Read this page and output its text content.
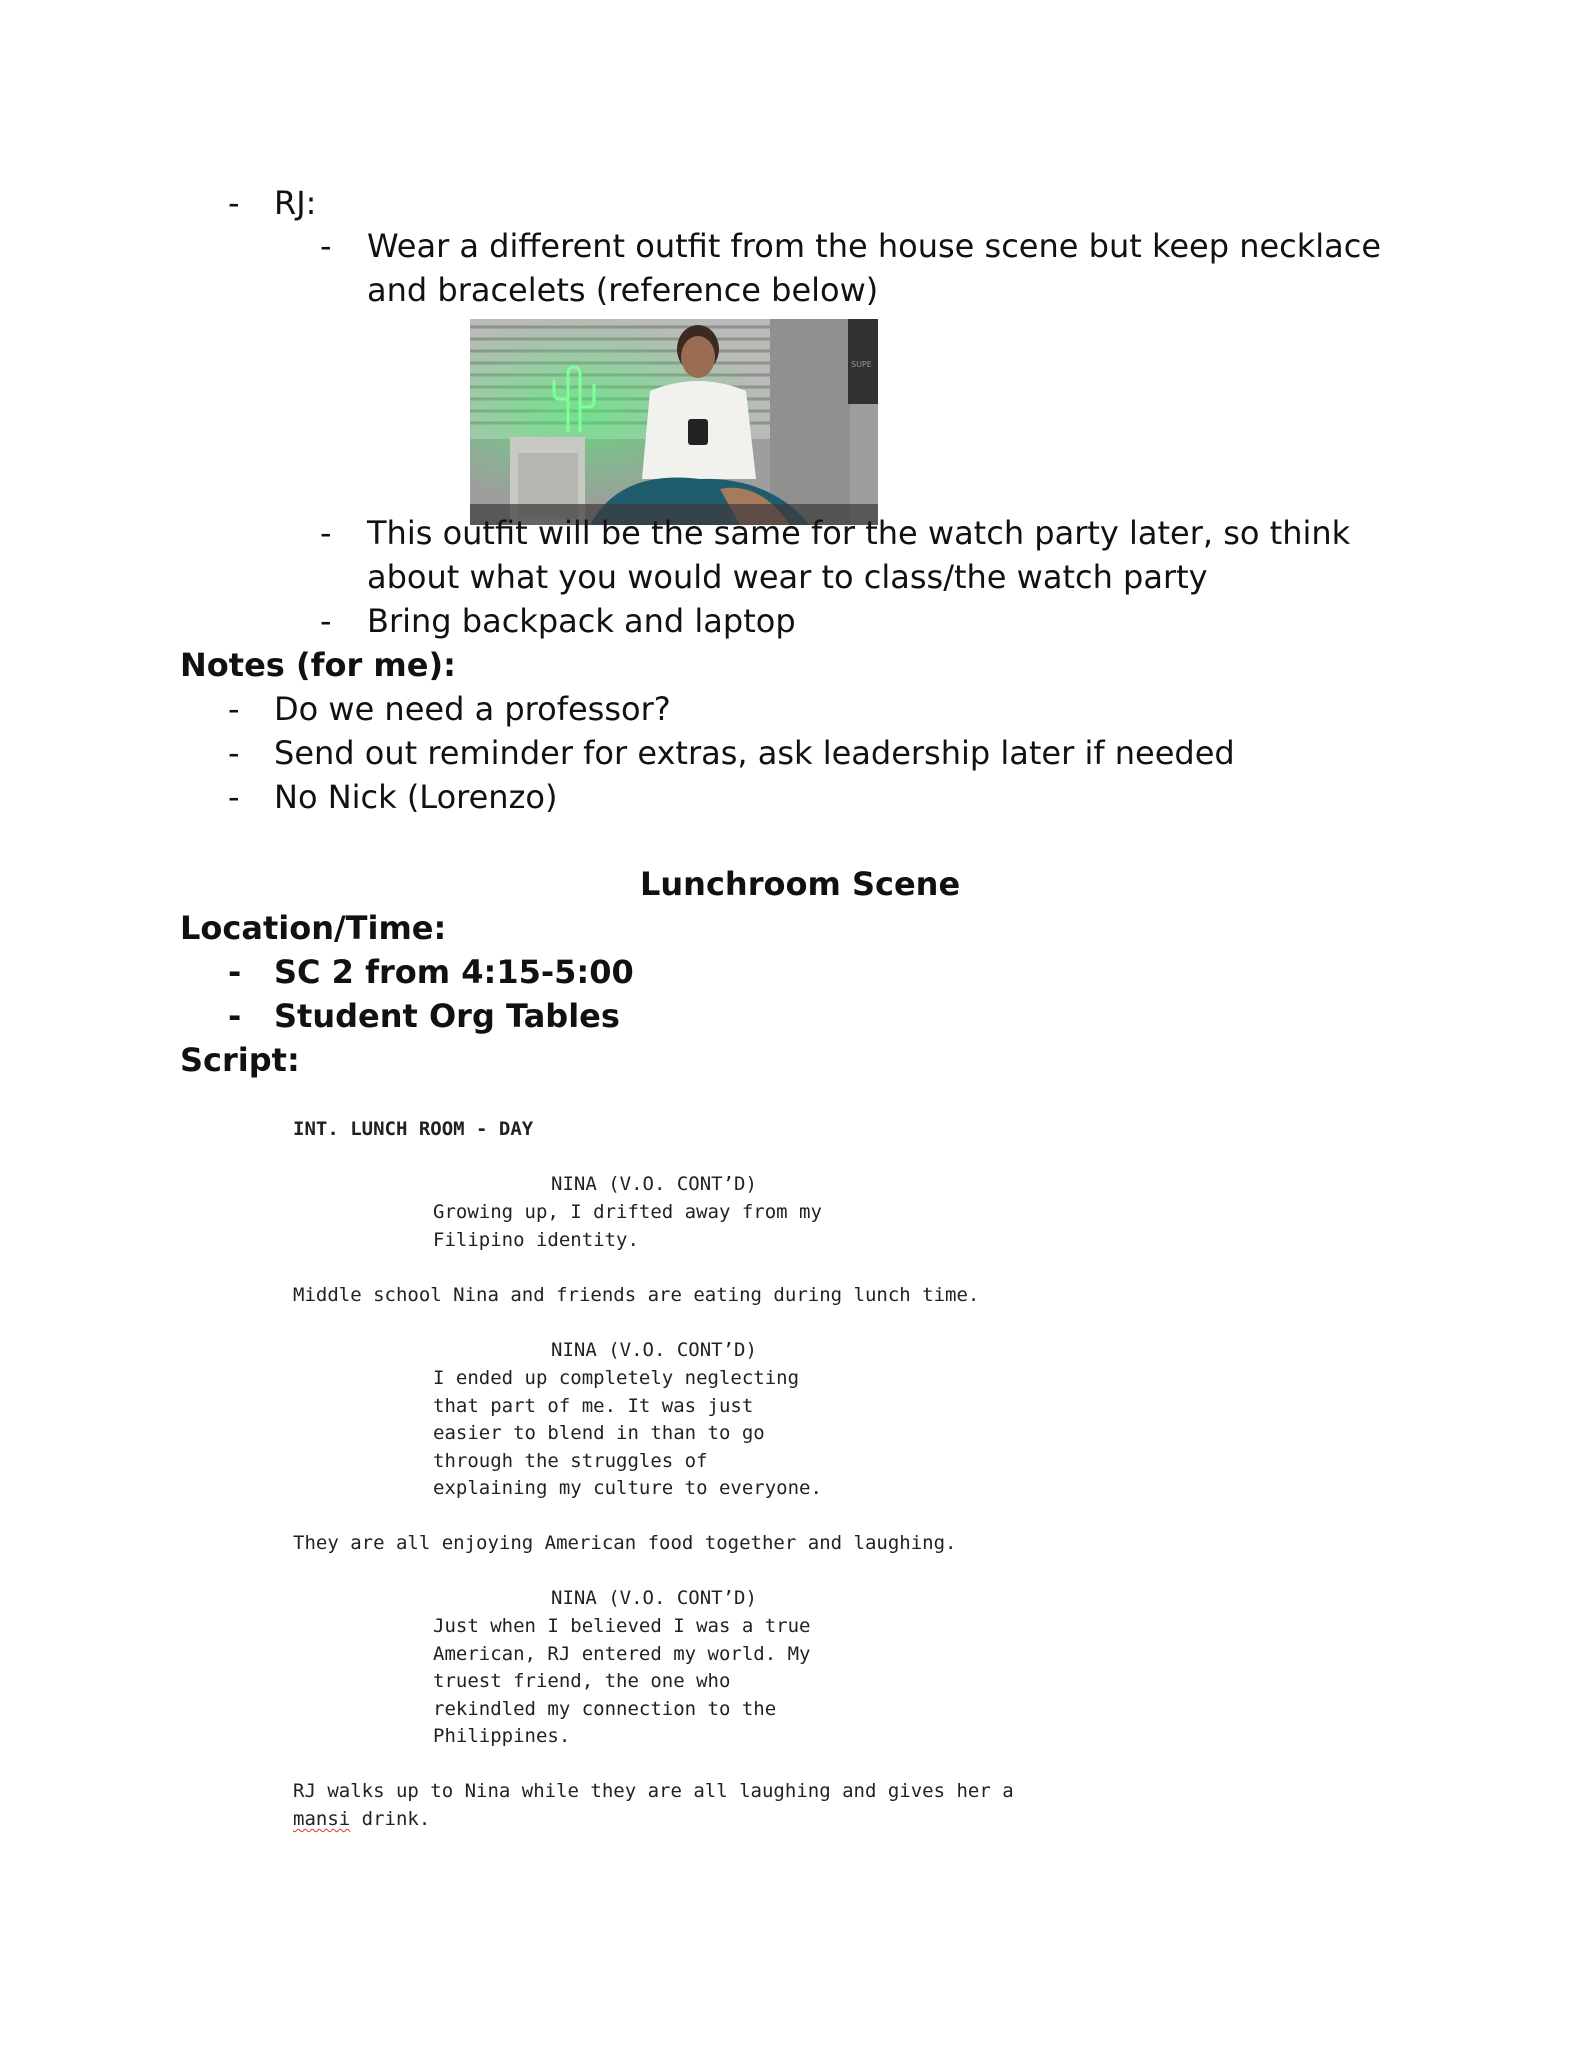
- RJ:
- Wear a different outfit from the house scene but keep necklace
and bracelets (reference below)
- This outfit will be the same for the watch party later, so think
about what you would wear to class/the watch party
- Bring backpack and laptop
Notes (for me):
- Do we need a professor?
- Send out reminder for extras, ask leadership later if needed
- No Nick (Lorenzo)
Lunchroom Scene
Location/Time:
- SC 2 from 4:15-5:00
- Student Org Tables
Script:
INT. LUNCH ROOM - DAY
NINA (V.O. CONT’D)
Growing up, I drifted away from my
Filipino identity.
Middle school Nina and friends are eating during lunch time.
NINA (V.O. CONT’D)
I ended up completely neglecting
that part of me. It was just
easier to blend in than to go
through the struggles of
explaining my culture to everyone.
They are all enjoying American food together and laughing.
NINA (V.O. CONT’D)
Just when I believed I was a true
American, RJ entered my world. My
truest friend, the one who
rekindled my connection to the
Philippines.
RJ walks up to Nina while they are all laughing and gives her a
mansi drink.
